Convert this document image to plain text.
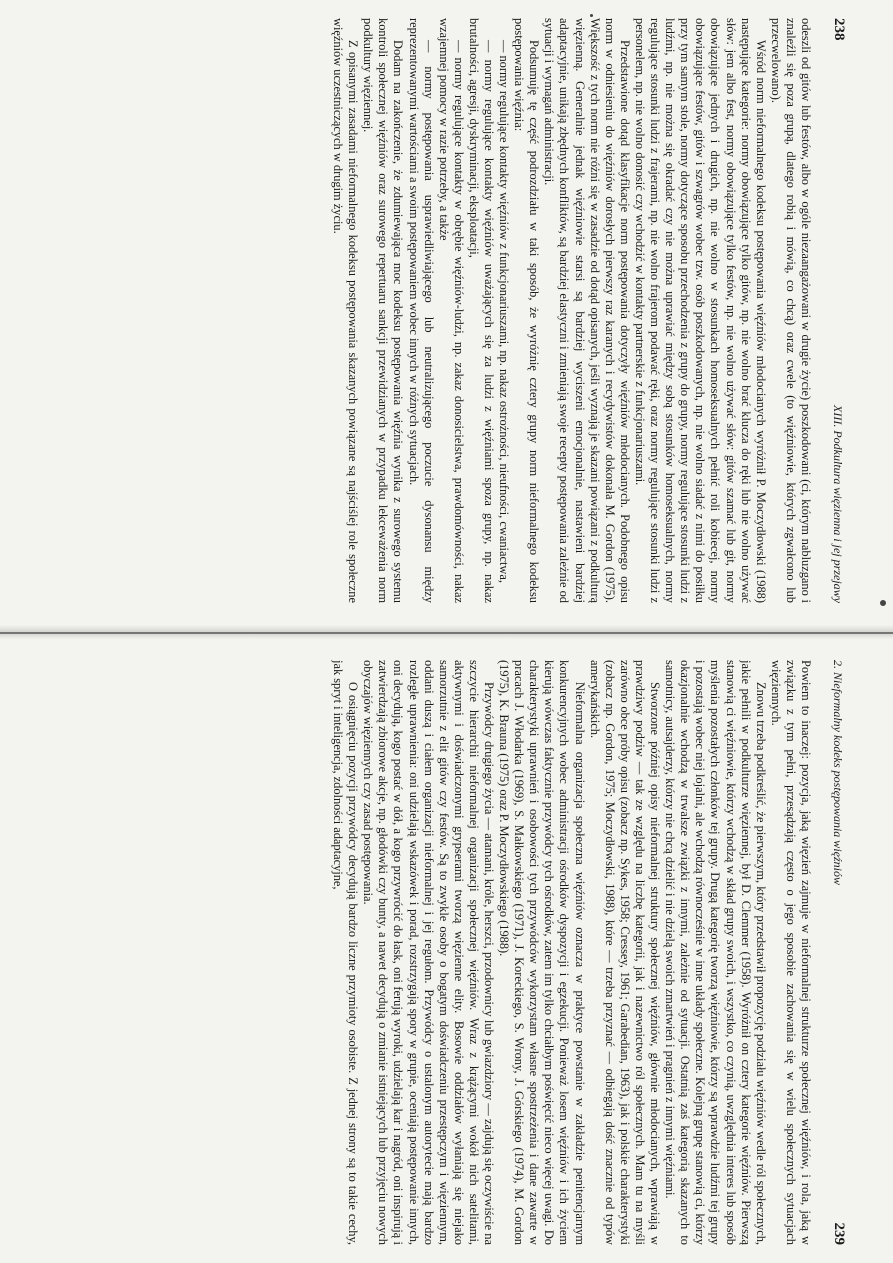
238
XIII. Podkultura więzienna i jej przejawy

odeszli od gitów lub festów, albo w ogóle niezaangażowani w drugie życie) poszkodowani (ci, którym nabluzgano i znaleźli się poza grupą, dlatego robią i mówią, co chcą) oraz cwele (to więźniowie, których zgwałcono lub przecwelowano).

Wśród norm nieformalnego kodeksu postępowania więźniów młodocianych wyróżnił P. Moczydłowski (1988) następujące kategorie: normy obowiązujące tylko gitów, np. nie wolno brać klucza do ręki lub nie wolno używać słów: jem albo fest, normy obowiązujące tylko festów, np. nie wolno używać słów: gitów szamać lub git, normy obowiązujące jednych i drugich, np. nie wolno w stosunkach homoseksualnych pełnić roli kobiecej, normy obowiązujące festów, gitów i szwagrów wobec tzw. osób poszkodowanych, np. nie wolno siadać z nimi do posiłku przy tym samym stole, normy dotyczące sposobu przechodzenia z grupy do grupy, normy regulujące stosunki ludzi z ludźmi, np. nie można się okradać czy nie można uprawiać między sobą stosunków homoseksualnych, normy regulujące stosunki ludzi z frajerami, np. nie wolno frajerom podawać ręki, oraz normy regulujące stosunki ludzi z personelem, np. nie wolno donosić czy wchodzić w kontakty partnerskie z funkcjonariuszami.

Przedstawione dotąd klasyfikacje norm postępowania dotyczyły więźniów młodocianych. Podobnego opisu norm w odniesieniu do więźniów dorosłych pierwszy raz karanych i recydywistów dokonała M. Gordon (1975). Większość z tych norm nie różni się w zasadzie od dotąd opisanych, jeśli wyznają je skazani powiązani z podkulturą więzienną. Generalnie jednak więźniowie starsi są bardziej wyciszeni emocjonalnie, nastawieni bardziej adaptacyjnie, unikają zbędnych konfliktów, są bardziej elastyczni i zmieniają swoje recepty postępowania zależnie od sytuacji i wymagań administracji.

Podsumuję tę część podrozdziału w taki sposób, że wyróżnię cztery grupy norm nieformalnego kodeksu postępowania więźnia:

— normy regulujące kontakty więźniów z funkcjonariuszami, np. nakaz ostrożności, nieufności, cwaniactwa,

— normy regulujące kontakty więźniów uważających się za ludzi z więźniami spoza grupy, np. nakaz brutalności, agresji, dyskryminacji, eksploatacji,

— normy regulujące kontakty w obrębie więźniów-ludzi, np. zakaz donosicielstwa, prawdomówności, nakaz wzajemnej pomocy w razie potrzeby, a także

— normy postępowania usprawiedliwiającego lub neutralizującego poczucie dysonansu między reprezentowanymi wartościami a swoim postępowaniem wobec innych w różnych sytuacjach.

Dodam na zakończenie, że zdumiewająca moc kodeksu postępowania więźnia wynika z surowego systemu kontroli społecznej więźniów oraz surowego repertuaru sankcji przewidzianych w przypadku lekceważenia norm podkultury więziennej.

Z opisanymi zasadami nieformalnego kodeksu postępowania skazanych powiązane są najściślej role społeczne więźniów uczestniczących w drugim życiu.

2. Nieformalny kodeks postępowania więźniów
239

Powiem to inaczej: pozycja, jaką więzień zajmuje w nieformalnej strukturze społecznej więźniów, i rola, jaką w związku z tym pełni, przesądzają często o jego sposobie zachowania się w wielu społecznych sytuacjach więziennych.

Znowu trzeba podkreślić, że pierwszym, który przedstawił propozycję podziału więźniów wedle ról społecznych, jakie pełnili w podkulturze więziennej, był D. Clemmer (1958). Wyróżnił on cztery kategorie więźniów. Pierwszą stanowią ci więźniowie, którzy wchodzą w skład grupy swoich, i wszystko, co czynią, uwzględnia interes lub sposób myślenia pozostałych członków tej grupy. Drugą kategorię tworzą więźniowie, którzy są wprawdzie ludźmi tej grupy i pozostają wobec niej lojalni, ale wchodzą równocześnie w inne układy społeczne. Kolejną grupę stanowią ci, którzy okazjonalnie wchodzą w trwalsze związki z innymi, zależnie od sytuacji. Ostatnią zaś kategorią skazanych to samotnicy, autsajderzy, którzy nie chcą dzielić i nie dzielą swoich zmartwień i pragnień z innymi więźniami.

Stworzone później opisy nieformalnej struktury społecznej więźniów, głównie młodocianych, wprawiają w prawdziwy podziw — tak ze względu na liczbę kategorii, jak i nazewnictwo ról społecznych. Mam tu na myśli zarówno obce próby opisu (zobacz np. Sykes, 1958; Cressey, 1961; Garabedian, 1963), jak i polskie charakterystyki (zobacz np. Gordon, 1975; Moczydłowski, 1988), które — trzeba przyznać — odbiegają dość znacznie od typów amerykańskich.

Nieformalna organizacja społeczna więźniów oznacza w praktyce powstanie w zakładzie penitencjarnym konkurencyjnych wobec administracji ośrodków dyspozycji i egzekucji. Ponieważ losem więźniów i ich życiem kierują wówczas faktycznie przywódcy tych ośrodków, zatem im tylko chciałbym poświęcić nieco więcej uwagi. Do charakterystyki uprawnień i osobowości tych przywódców wykorzystam własne spostrzeżenia i dane zawarte w pracach J. Włodarka (1969), S. Małkowskiego (1971), J. Koreckiego, S. Wrony, J. Górskiego (1974), M. Gordon (1975), K. Brauna (1975) oraz P. Moczydłowskiego (1988).

Przywódcy drugiego życia — atamani, króle, herszci, przodownicy lub gwiazdziory — zajdują się oczywiście na szczycie hierarchii nieformalnej organizacji społecznej więźniów. Wraz z krążącymi wokół nich satelitami, aktywnymi i doświadczonymi grypserami tworzą więzienne elity. Bosowie oddziałów wyłaniają się niejako samorzutnie z elit gitów czy festów. Są to zwykle osoby o bogatym doświadczeniu przestępczym i więziennym, oddani duszą i ciałem organizacji nieformalnej i jej regułom. Przywódcy o ustalonym autorytecie mają bardzo rozległe uprawnienia: oni udzielają wskazówek i porad, rozstrzygają spory w grupie, oceniają postępowanie innych, oni decydują, kogo postać w dół, a kogo przywrócić do łask, oni ferują wyroki, udzielają kar i nagród, oni inspirują i zatwierdzają zbiorowe akcje, np. głodówki czy bunty, a nawet decydują o zmianie istniejących lub przyjęciu nowych obyczajów więziennych czy zasad postępowania.

O osiągnięciu pozycji przywódcy decydują bardzo liczne przymioty osobiste. Z jednej strony są to takie cechy, jak spryt i inteligencja, zdolności adaptacyjne,
